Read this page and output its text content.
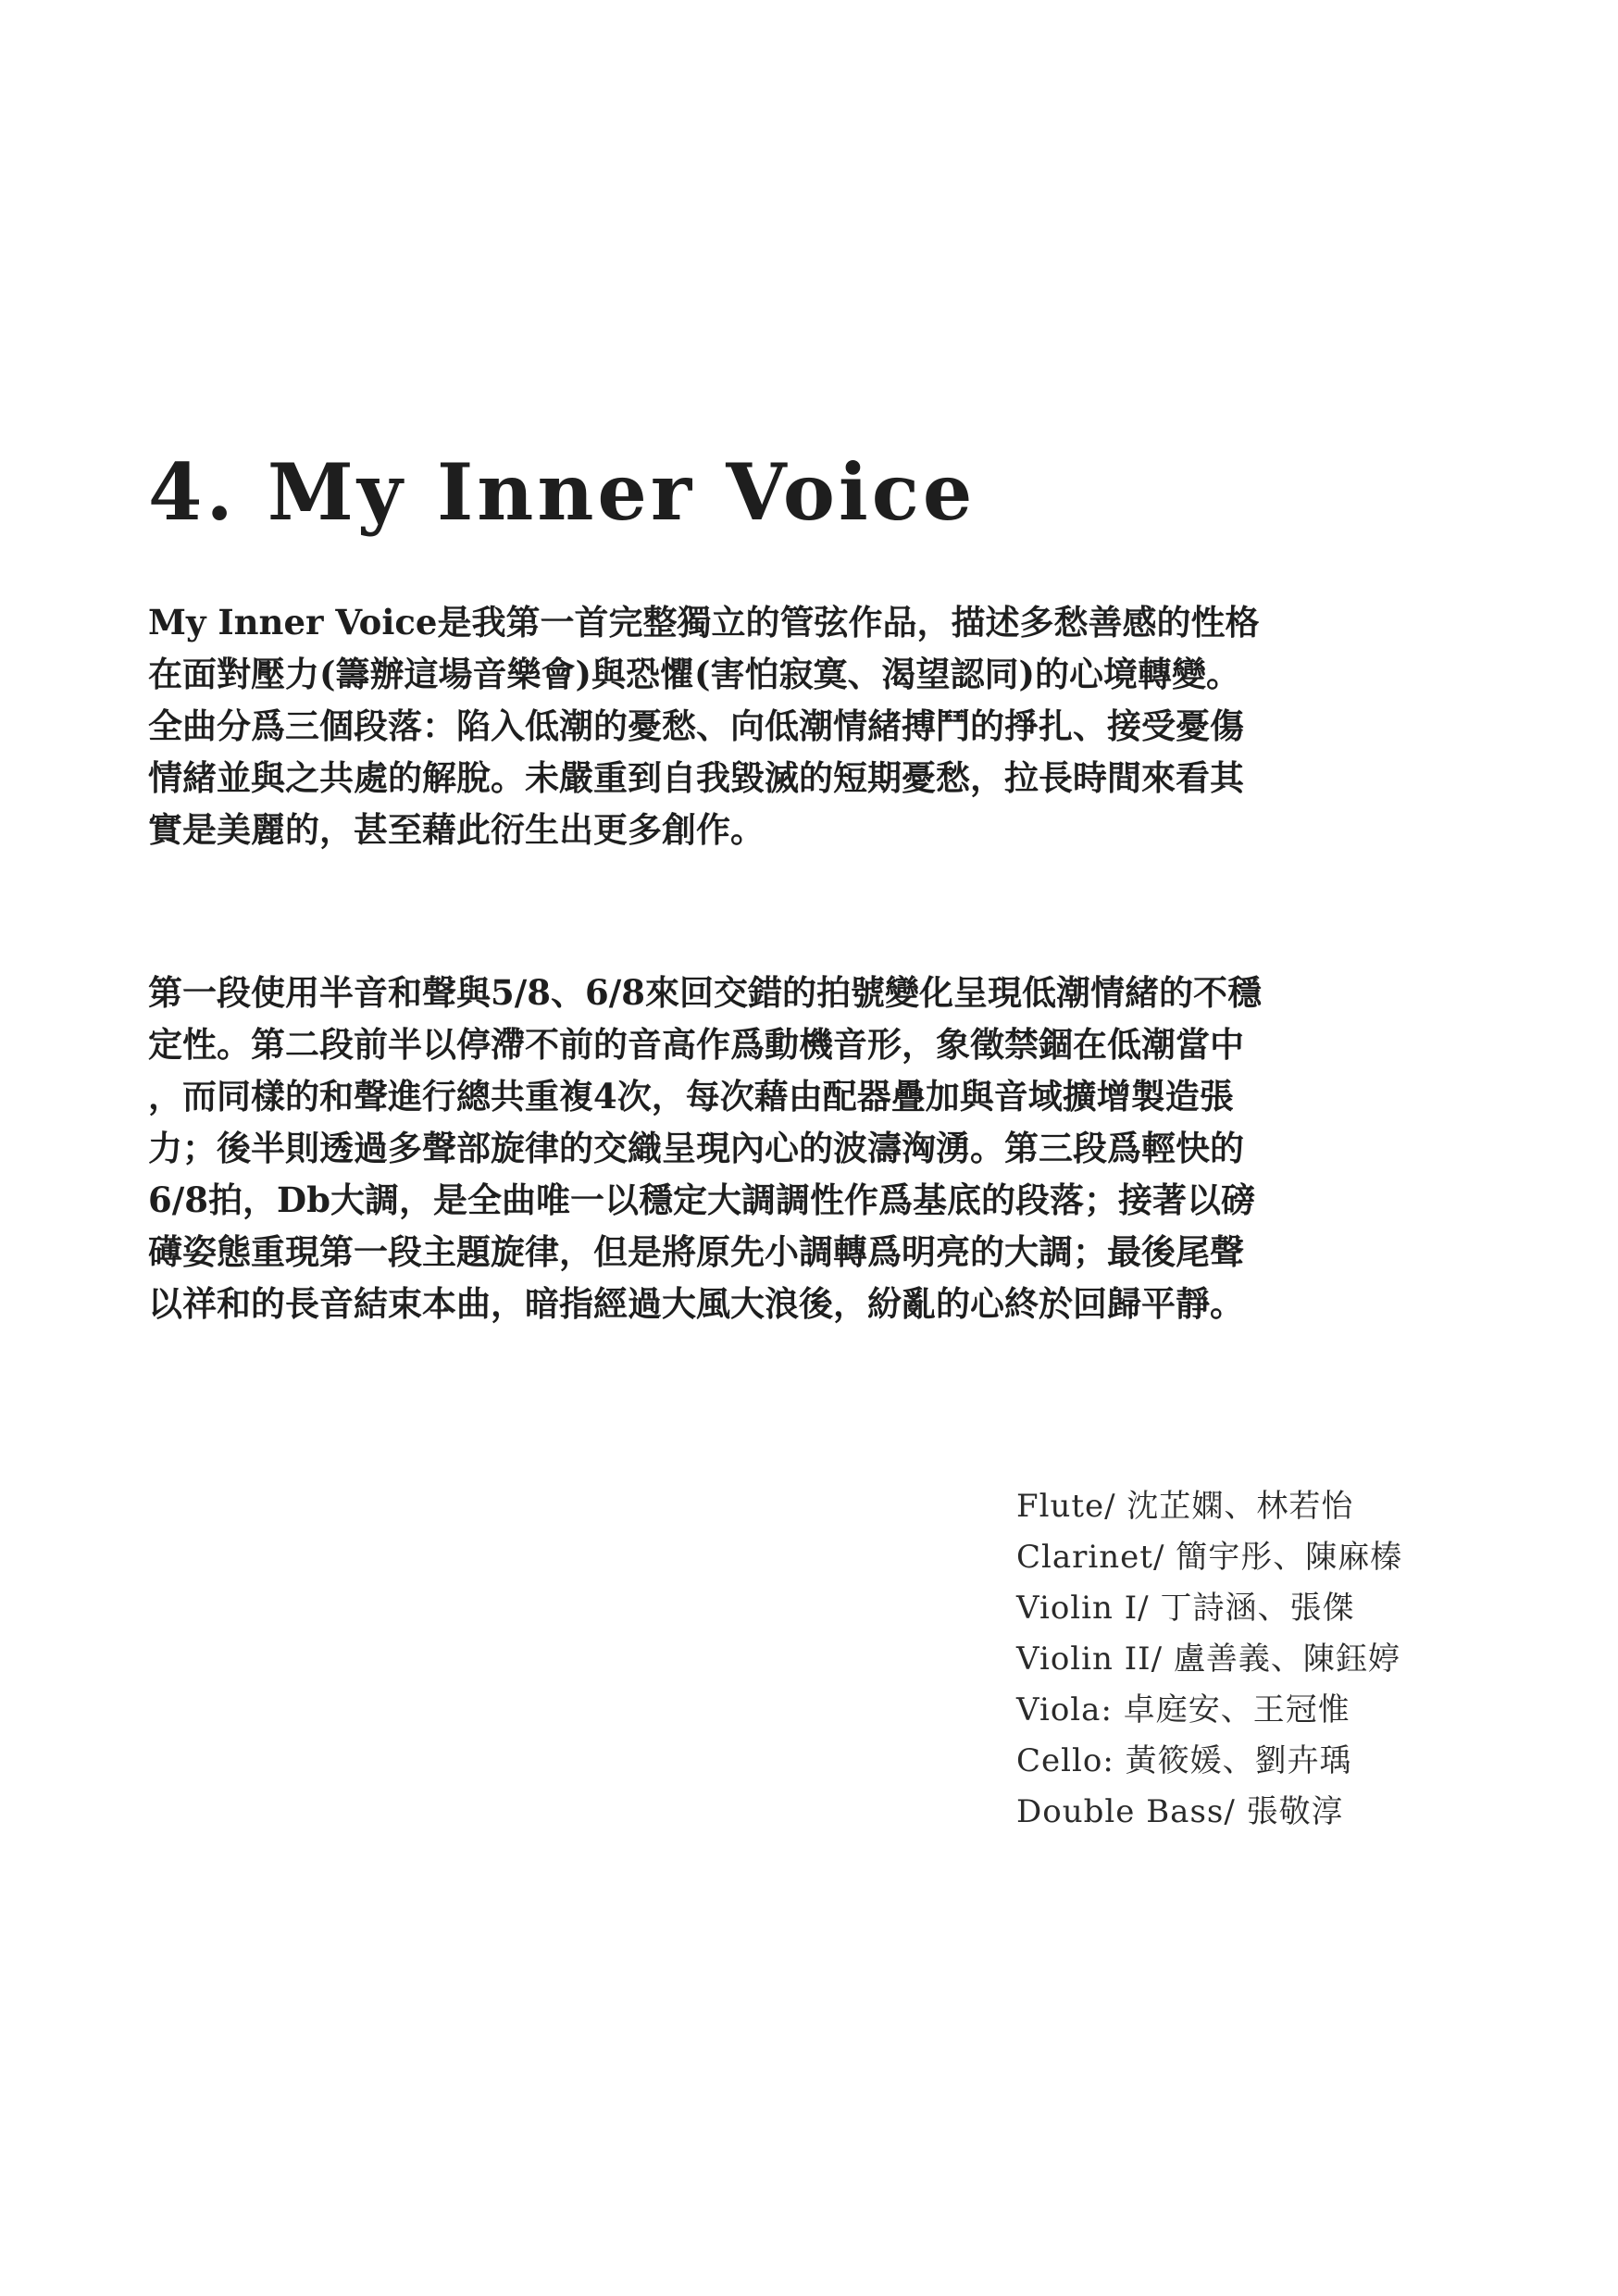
4. My Inner Voice
My Inner Voice是我第一首完整獨立的管弦作品，描述多愁善感的性格
在面對壓力(籌辦這場音樂會)與恐懼(害怕寂寞、渴望認同)的心境轉變。
全曲分爲三個段落：陷入低潮的憂愁、向低潮情緒搏鬥的掙扎、接受憂傷
情緒並與之共處的解脫。未嚴重到自我毀滅的短期憂愁，拉長時間來看其
實是美麗的，甚至藉此衍生出更多創作。
第一段使用半音和聲與5/8、6/8來回交錯的拍號變化呈現低潮情緒的不穩
定性。第二段前半以停滯不前的音高作爲動機音形，象徵禁錮在低潮當中
，而同樣的和聲進行總共重複4次，每次藉由配器疊加與音域擴增製造張
力；後半則透過多聲部旋律的交織呈現內心的波濤洶湧。第三段爲輕快的
6/8拍，Db大調，是全曲唯一以穩定大調調性作爲基底的段落；接著以磅
礡姿態重現第一段主題旋律，但是將原先小調轉爲明亮的大調；最後尾聲
以祥和的長音結束本曲，暗指經過大風大浪後，紛亂的心終於回歸平靜。
Flute/ 沈芷嫻、林若怡
Clarinet/ 簡宇彤、陳麻榛
Violin I/ 丁詩涵、張傑
Violin II/ 盧善義、陳鈺婷
Viola: 卓庭安、王冠惟
Cello: 黃筱媛、劉卉瑀
Double Bass/ 張敬淳
